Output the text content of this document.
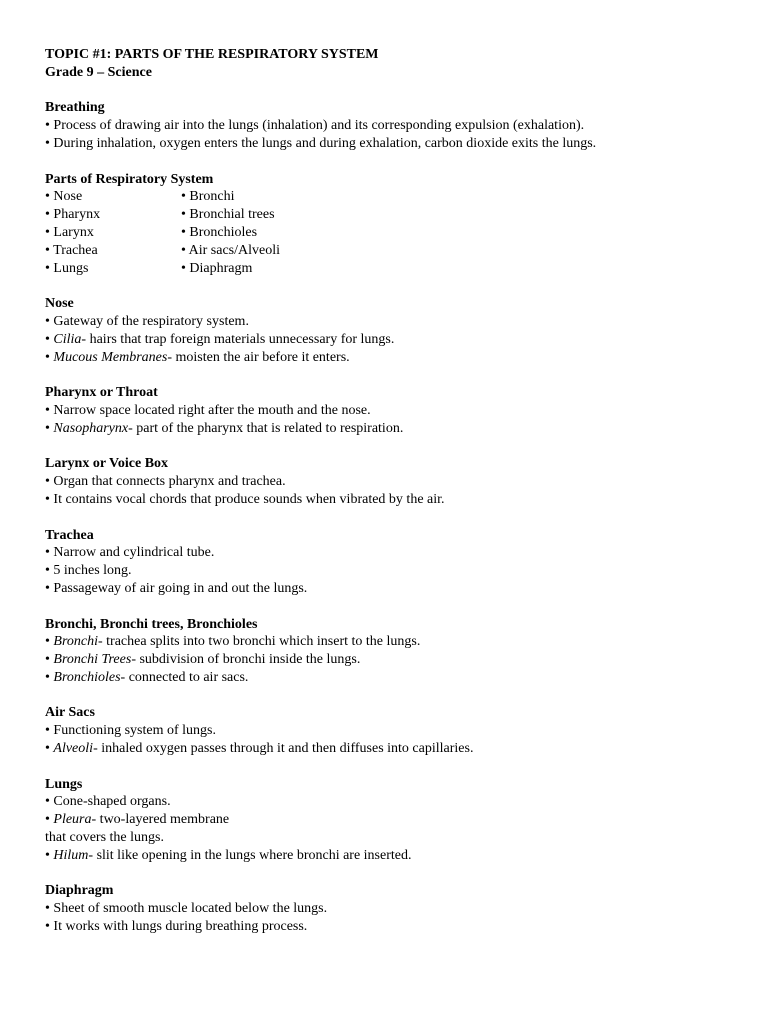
TOPIC #1: PARTS OF THE RESPIRATORY SYSTEM
Grade 9 – Science
Breathing
• Process of drawing air into the lungs (inhalation) and its corresponding expulsion (exhalation).
• During inhalation, oxygen enters the lungs and during exhalation, carbon dioxide exits the lungs.
Parts of Respiratory System
• Nose
• Pharynx
• Larynx
• Trachea
• Lungs
• Bronchi
• Bronchial trees
• Bronchioles
• Air sacs/Alveoli
• Diaphragm
Nose
• Gateway of the respiratory system.
• Cilia- hairs that trap foreign materials unnecessary for lungs.
• Mucous Membranes- moisten the air before it enters.
Pharynx or Throat
• Narrow space located right after the mouth and the nose.
• Nasopharynx- part of the pharynx that is related to respiration.
Larynx or Voice Box
• Organ that connects pharynx and trachea.
• It contains vocal chords that produce sounds when vibrated by the air.
Trachea
• Narrow and cylindrical tube.
• 5 inches long.
• Passageway of air going in and out the lungs.
Bronchi, Bronchi trees, Bronchioles
• Bronchi- trachea splits into two bronchi which insert to the lungs.
• Bronchi Trees- subdivision of bronchi inside the lungs.
• Bronchioles- connected to air sacs.
Air Sacs
• Functioning system of lungs.
• Alveoli- inhaled oxygen passes through it and then diffuses into capillaries.
Lungs
• Cone-shaped organs.
• Pleura- two-layered membrane
that covers the lungs.
• Hilum- slit like opening in the lungs where bronchi are inserted.
Diaphragm
• Sheet of smooth muscle located below the lungs.
• It works with lungs during breathing process.
